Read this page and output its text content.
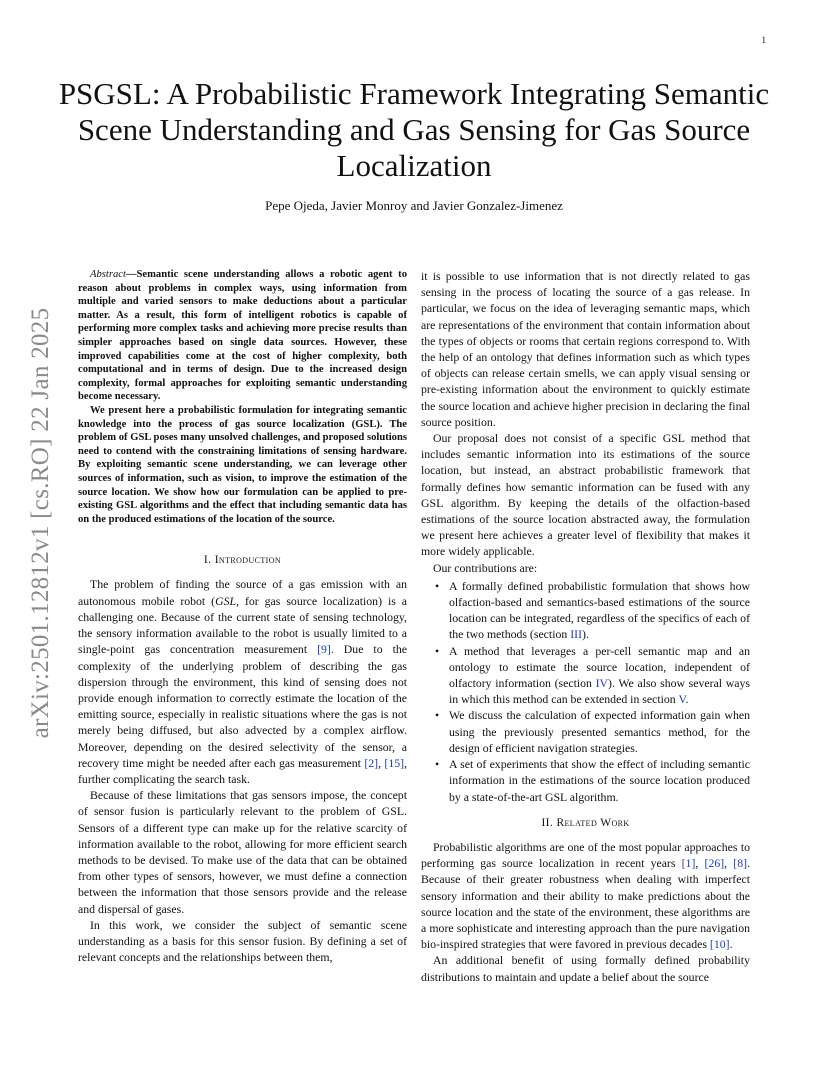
1
arXiv:2501.12812v1 [cs.RO] 22 Jan 2025
PSGSL: A Probabilistic Framework Integrating Semantic Scene Understanding and Gas Sensing for Gas Source Localization
Pepe Ojeda, Javier Monroy and Javier Gonzalez-Jimenez

Abstract—Semantic scene understanding allows a robotic agent to reason about problems in complex ways, using information from multiple and varied sensors to make deductions about a particular matter. As a result, this form of intelligent robotics is capable of performing more complex tasks and achieving more precise results than simpler approaches based on single data sources. However, these improved capabilities come at the cost of higher complexity, both computational and in terms of design. Due to the increased design complexity, formal approaches for exploiting semantic understanding become necessary.

We present here a probabilistic formulation for integrating semantic knowledge into the process of gas source localization (GSL). The problem of GSL poses many unsolved challenges, and proposed solutions need to contend with the constraining limitations of sensing hardware. By exploiting semantic scene understanding, we can leverage other sources of information, such as vision, to improve the estimation of the source location. We show how our formulation can be applied to pre-existing GSL algorithms and the effect that including semantic data has on the produced estimations of the location of the source.

I. Introduction

The problem of finding the source of a gas emission with an autonomous mobile robot (GSL, for gas source localization) is a challenging one. Because of the current state of sensing technology, the sensory information available to the robot is usually limited to a single-point gas concentration measurement [9]. Due to the complexity of the underlying problem of describing the gas dispersion through the environment, this kind of sensing does not provide enough information to correctly estimate the location of the emitting source, especially in realistic situations where the gas is not merely being diffused, but also advected by a complex airflow. Moreover, depending on the desired selectivity of the sensor, a recovery time might be needed after each gas measurement [2], [15], further complicating the search task.

Because of these limitations that gas sensors impose, the concept of sensor fusion is particularly relevant to the problem of GSL. Sensors of a different type can make up for the relative scarcity of information available to the robot, allowing for more efficient search methods to be devised. To make use of the data that can be obtained from other types of sensors, however, we must define a connection between the information that those sensors provide and the release and dispersal of gases.

In this work, we consider the subject of semantic scene understanding as a basis for this sensor fusion. By defining a set of relevant concepts and the relationships between them,

it is possible to use information that is not directly related to gas sensing in the process of locating the source of a gas release. In particular, we focus on the idea of leveraging semantic maps, which are representations of the environment that contain information about the types of objects or rooms that certain regions correspond to. With the help of an ontology that defines information such as which types of objects can release certain smells, we can apply visual sensing or pre-existing information about the environment to quickly estimate the source location and achieve higher precision in declaring the final source position.

Our proposal does not consist of a specific GSL method that includes semantic information into its estimations of the source location, but instead, an abstract probabilistic framework that formally defines how semantic information can be fused with any GSL algorithm. By keeping the details of the olfaction-based estimations of the source location abstracted away, the formulation we present here achieves a greater level of flexibility that makes it more widely applicable.

Our contributions are:

• A formally defined probabilistic formulation that shows how olfaction-based and semantics-based estimations of the source location can be integrated, regardless of the specifics of each of the two methods (section III).
• A method that leverages a per-cell semantic map and an ontology to estimate the source location, independent of olfactory information (section IV). We also show several ways in which this method can be extended in section V.
• We discuss the calculation of expected information gain when using the previously presented semantics method, for the design of efficient navigation strategies.
• A set of experiments that show the effect of including semantic information in the estimations of the source location produced by a state-of-the-art GSL algorithm.
II. Related Work

Probabilistic algorithms are one of the most popular approaches to performing gas source localization in recent years [1], [26], [8]. Because of their greater robustness when dealing with imperfect sensory information and their ability to make predictions about the source location and the state of the environment, these algorithms are a more sophisticate and interesting approach than the pure navigation bio-inspired strategies that were favored in previous decades [10].

An additional benefit of using formally defined probability distributions to maintain and update a belief about the source
